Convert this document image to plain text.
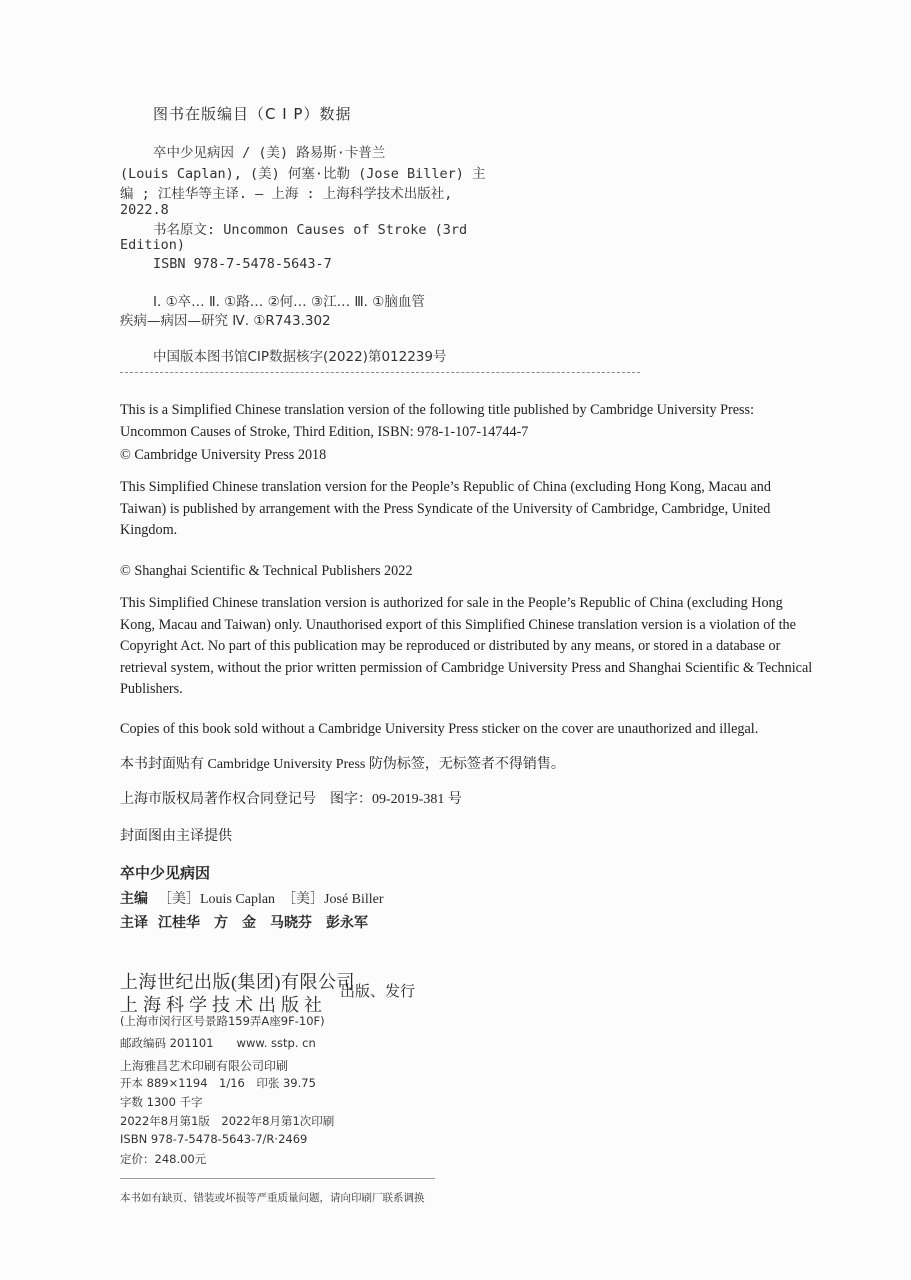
图书在版编目（C I P）数据
卒中少见病因 / (美) 路易斯·卡普兰
(Louis Caplan), (美) 何塞·比勒 (Jose Biller) 主
编 ; 江桂华等主译. — 上海 : 上海科学技术出版社,
2022.8
书名原文: Uncommon Causes of Stroke (3rd
Edition)
ISBN 978-7-5478-5643-7
Ⅰ. ①卒… Ⅱ. ①路… ②何… ③江… Ⅲ. ①脑血管
疾病—病因—研究 Ⅳ. ①R743.302
中国版本图书馆CIP数据核字(2022)第012239号
This is a Simplified Chinese translation version of the following title published by Cambridge University Press:
Uncommon Causes of Stroke, Third Edition, ISBN: 978-1-107-14744-7
© Cambridge University Press 2018
This Simplified Chinese translation version for the People’s Republic of China (excluding Hong Kong, Macau and Taiwan) is published by arrangement with the Press Syndicate of the University of Cambridge, Cambridge, United Kingdom.
© Shanghai Scientific & Technical Publishers 2022
This Simplified Chinese translation version is authorized for sale in the People’s Republic of China (excluding Hong Kong, Macau and Taiwan) only. Unauthorised export of this Simplified Chinese translation version is a violation of the Copyright Act. No part of this publication may be reproduced or distributed by any means, or stored in a database or retrieval system, without the prior written permission of Cambridge University Press and Shanghai Scientific & Technical Publishers.
Copies of this book sold without a Cambridge University Press sticker on the cover are unauthorized and illegal.
本书封面贴有 Cambridge University Press 防伪标签，无标签者不得销售。
上海市版权局著作权合同登记号　图字：09-2019-381 号
封面图由主译提供
卒中少见病因
主编 ［美］Louis Caplan　［美］José Biller
主译 江桂华　方　金　马晓芬　彭永军
上海世纪出版(集团)有限公司
上海科学技术出版社
出版、发行
(上海市闵行区号景路159弄A座9F-10F)
邮政编码 201101　　www. sstp. cn
上海雅昌艺术印刷有限公司印刷
开本 889×1194　1/16　印张 39.75
字数 1300 千字
2022年8月第1版　2022年8月第1次印刷
ISBN 978-7-5478-5643-7/R·2469
定价：248.00元
本书如有缺页、错装或坏损等严重质量问题，请向印刷厂联系调换
